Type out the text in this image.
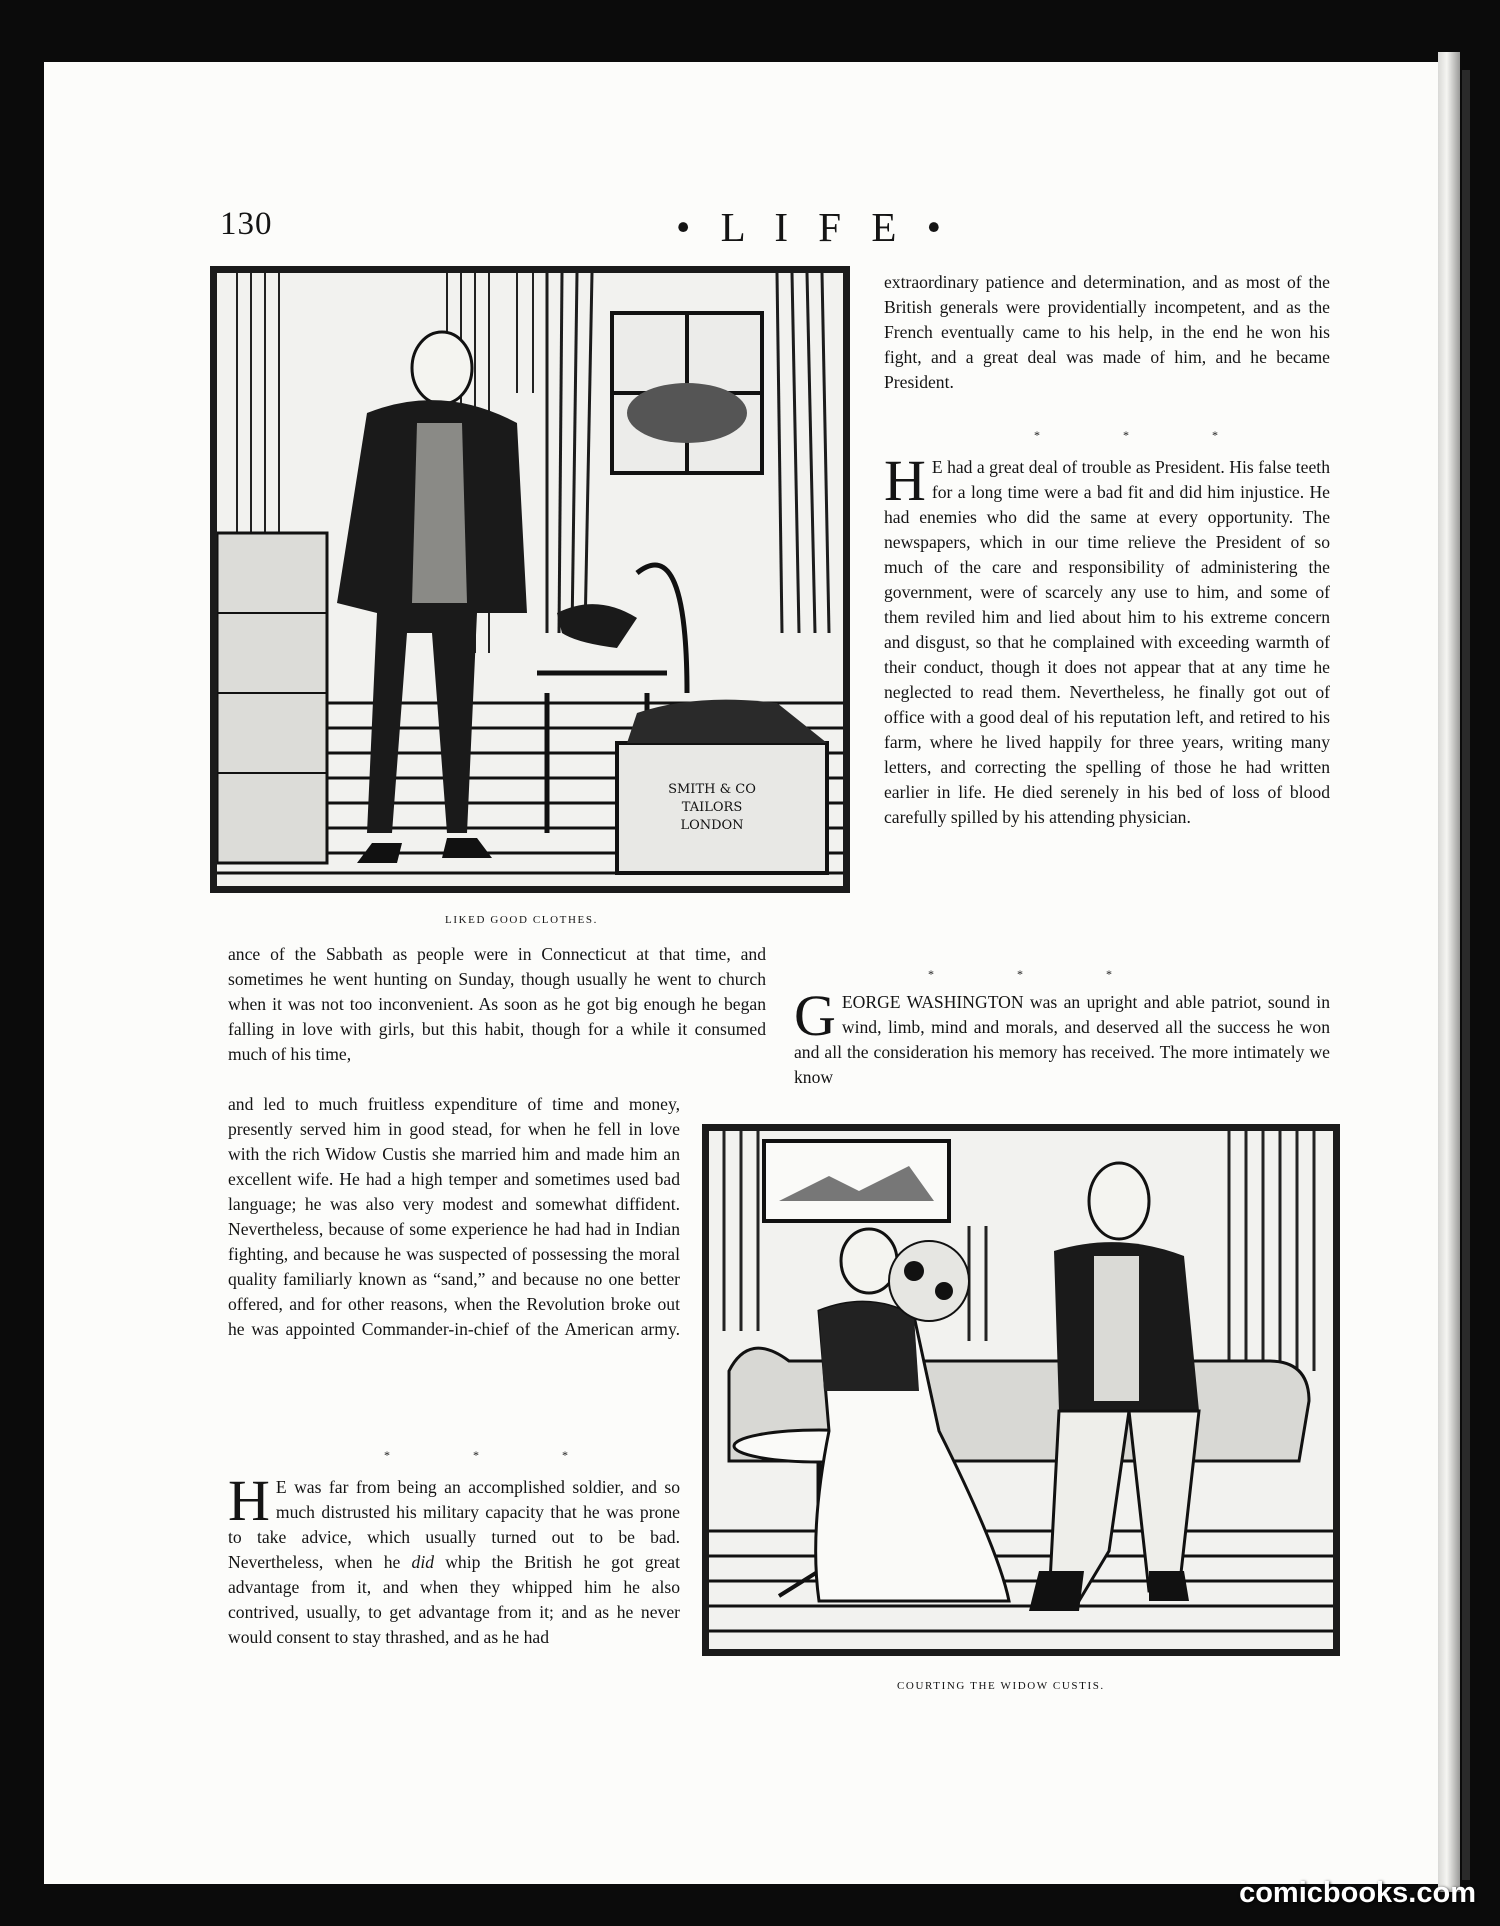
130	• L I F E •
SMITH & CO
TAILORS
LONDON
LIKED GOOD CLOTHES.

extraordinary patience and determination, and as most of the British generals were providentially incompetent, and as the French eventually came to his help, in the end he won his fight, and a great deal was made of him, and he became President.

* * *

H E had a great deal of trouble as President. His false teeth for a long time were a bad fit and did him injustice. He had enemies who did the same at every opportunity. The newspapers, which in our time relieve the President of so much of the care and responsibility of administering the government, were of scarcely any use to him, and some of them reviled him and lied about him to his extreme concern and disgust, so that he complained with exceeding warmth of their conduct, though it does not appear that at any time he neglected to read them. Nevertheless, he finally got out of office with a good deal of his reputation left, and retired to his farm, where he lived happily for three years, writing many letters, and correcting the spelling of those he had written earlier in life. He died serenely in his bed of loss of blood carefully spilled by his attending physician.

* * *

GEORGE WASHINGTON was an upright and able patriot, sound in wind, limb, mind and morals, and deserved all the success he won and all the consideration his memory has received. The more intimately we know

ance of the Sabbath as people were in Connecticut at that time, and sometimes he went hunting on Sunday, though usually he went to church when it was not too inconvenient. As soon as he got big enough he began falling in love with girls, but this habit, though for a while it consumed much of his time,

and led to much fruitless expenditure of time and money, presently served him in good stead, for when he fell in love with the rich Widow Custis she married him and made him an excellent wife. He had a high temper and sometimes used bad language; he was also very modest and somewhat diffident. Nevertheless, because of some experience he had had in Indian fighting, and because he was suspected of possessing the moral quality familiarly known as “sand,” and because no one better offered, and for other reasons, when the Revolution broke out he was appointed Commander-in-chief of the American army.

* * *

H E was far from being an accomplished soldier, and so much distrusted his military capacity that he was prone to take advice, which usually turned out to be bad. Nevertheless, when he did whip the British he got great advantage from it, and when they whipped him he also contrived, usually, to get advantage from it; and as he never would consent to stay thrashed, and as he had

COURTING THE WIDOW CUSTIS.
comicbooks.com
